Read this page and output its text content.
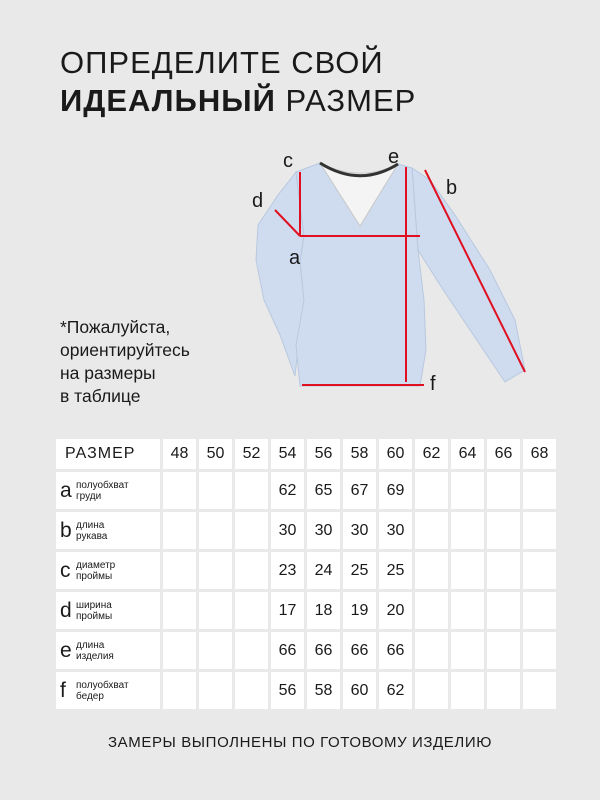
ОПРЕДЕЛИТЕ СВОЙ
ИДЕАЛЬНЫЙ РАЗМЕР
*Пожалуйста,
ориентируйтесь
на размеры
в таблице
c	e
b
d
a
f
РАЗМЕР	48	50	52	54	56	58	60	62	64	66	68
a полуобхват
груди				62	65	67	69				
b длина
рукава				30	30	30	30				
c диаметр
проймы				23	24	25	25				
d ширина
проймы				17	18	19	20				
e длина
изделия				66	66	66	66				
f полуобхват
бедер				56	58	60	62				
ЗАМЕРЫ ВЫПОЛНЕНЫ ПО ГОТОВОМУ ИЗДЕЛИЮ
